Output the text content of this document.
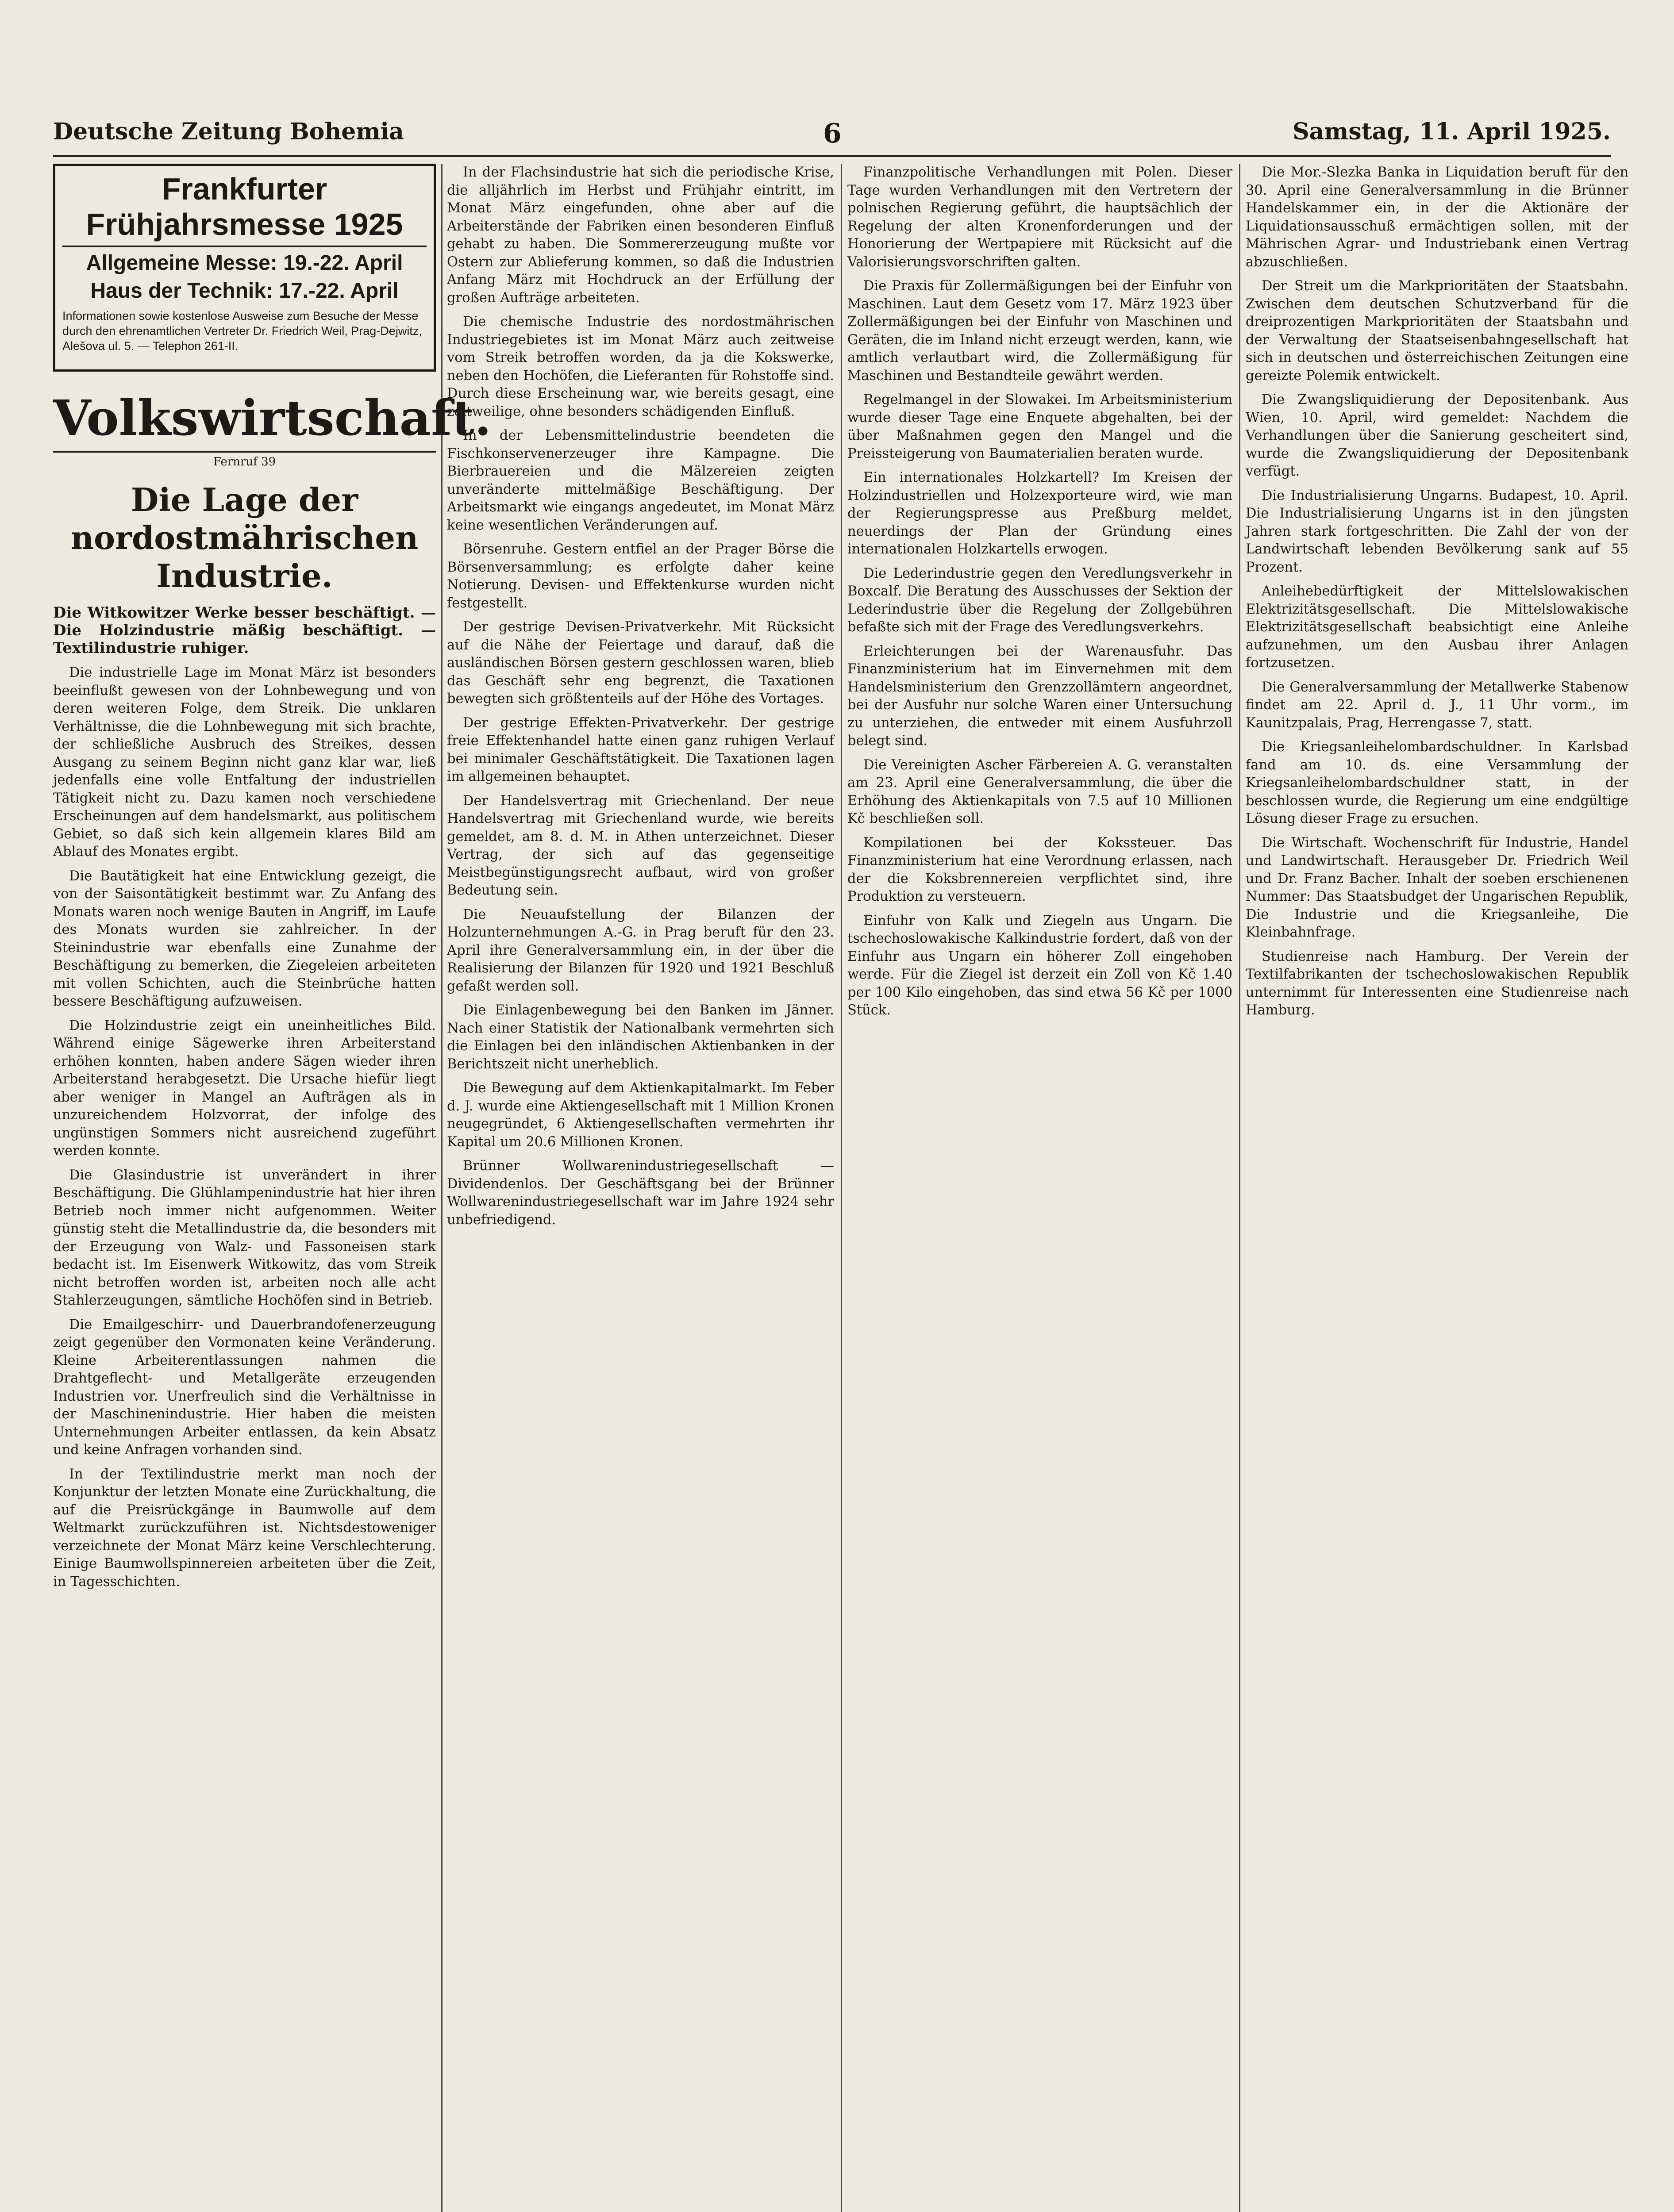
Deutsche Zeitung Bohemia	6	Samstag, 11. April 1925.
Frankfurter Frühjahrsmesse 1925
Allgemeine Messe: 19.-22. April
Haus der Technik: 17.-22. April
Informationen sowie kostenlose Ausweise zum Besuche der Messe durch den ehrenamtlichen Vertreter Dr. Friedrich Weil, Prag-Dejwitz, Alešova ul. 5. — Telephon 261-II.
Volkswirtschaft.
Fernruf 39
Die Lage der nordostmährischen Industrie.
Die Witkowitzer Werke besser beschäftigt. — Die Holzindustrie mäßig beschäftigt. — Textilindustrie ruhiger.

Die industrielle Lage im Monat März ist besonders beeinflußt gewesen von der Lohnbewegung und von deren weiteren Folge, dem Streik. Die unklaren Verhältnisse, die die Lohnbewegung mit sich brachte, der schließliche Ausbruch des Streikes, dessen Ausgang zu seinem Beginn nicht ganz klar war, ließ jedenfalls eine volle Entfaltung der industriellen Tätigkeit nicht zu. Dazu kamen noch verschiedene Erscheinungen auf dem handelsmarkt, aus politischem Gebiet, so daß sich kein allgemein klares Bild am Ablauf des Monates ergibt.

Die Bautätigkeit hat eine Entwicklung gezeigt, die von der Saisontätigkeit bestimmt war. Zu Anfang des Monats waren noch wenige Bauten in Angriff, im Laufe des Monats wurden sie zahlreicher. In der Steinindustrie war ebenfalls eine Zunahme der Beschäftigung zu bemerken, die Ziegeleien arbeiteten mit vollen Schichten, auch die Steinbrüche hatten bessere Beschäftigung aufzuweisen.

Die Holzindustrie zeigt ein uneinheitliches Bild. Während einige Sägewerke ihren Arbeiterstand erhöhen konnten, haben andere Sägen wieder ihren Arbeiterstand herabgesetzt. Die Ursache hiefür liegt aber weniger in Mangel an Aufträgen als in unzureichendem Holzvorrat, der infolge des ungünstigen Sommers nicht ausreichend zugeführt werden konnte.

Die Glasindustrie ist unverändert in ihrer Beschäftigung. Die Glühlampenindustrie hat hier ihren Betrieb noch immer nicht aufgenommen. Weiter günstig steht die Metallindustrie da, die besonders mit der Erzeugung von Walz- und Fassoneisen stark bedacht ist. Im Eisenwerk Witkowitz, das vom Streik nicht betroffen worden ist, arbeiten noch alle acht Stahlerzeugungen, sämtliche Hochöfen sind in Betrieb.

Die Emailgeschirr- und Dauerbrandofenerzeugung zeigt gegenüber den Vormonaten keine Veränderung. Kleine Arbeiterentlassungen nahmen die Drahtgeflecht- und Metallgeräte erzeugenden Industrien vor. Unerfreulich sind die Verhältnisse in der Maschinenindustrie. Hier haben die meisten Unternehmungen Arbeiter entlassen, da kein Absatz und keine Anfragen vorhanden sind.

In der Textilindustrie merkt man noch der Konjunktur der letzten Monate eine Zurückhaltung, die auf die Preisrückgänge in Baumwolle auf dem Weltmarkt zurückzuführen ist. Nichtsdestoweniger verzeichnete der Monat März keine Verschlechterung. Einige Baumwollspinnereien arbeiteten über die Zeit, in Tagesschichten.

In der Flachsindustrie hat sich die periodische Krise, die alljährlich im Herbst und Frühjahr eintritt, im Monat März eingefunden, ohne aber auf die Arbeiterstände der Fabriken einen besonderen Einfluß gehabt zu haben. Die Sommererzeugung mußte vor Ostern zur Ablieferung kommen, so daß die Industrien Anfang März mit Hochdruck an der Erfüllung der großen Aufträge arbeiteten.

Die chemische Industrie des nordostmährischen Industriegebietes ist im Monat März auch zeitweise vom Streik betroffen worden, da ja die Kokswerke, neben den Hochöfen, die Lieferanten für Rohstoffe sind. Durch diese Erscheinung war, wie bereits gesagt, eine zeitweilige, ohne besonders schädigenden Einfluß.

In der Lebensmittelindustrie beendeten die Fischkonservenerzeuger ihre Kampagne. Die Bierbrauereien und die Mälzereien zeigten unveränderte mittelmäßige Beschäftigung. Der Arbeitsmarkt wie eingangs angedeutet, im Monat März keine wesentlichen Veränderungen auf.

Börsenruhe. Gestern entfiel an der Prager Börse die Börsenversammlung; es erfolgte daher keine Notierung. Devisen- und Effektenkurse wurden nicht festgestellt.

Der gestrige Devisen-Privatverkehr. Mit Rücksicht auf die Nähe der Feiertage und darauf, daß die ausländischen Börsen gestern geschlossen waren, blieb das Geschäft sehr eng begrenzt, die Taxationen bewegten sich größtenteils auf der Höhe des Vortages.

Der gestrige Effekten-Privatverkehr. Der gestrige freie Effektenhandel hatte einen ganz ruhigen Verlauf bei minimaler Geschäftstätigkeit. Die Taxationen lagen im allgemeinen behauptet.

Der Handelsvertrag mit Griechenland. Der neue Handelsvertrag mit Griechenland wurde, wie bereits gemeldet, am 8. d. M. in Athen unterzeichnet. Dieser Vertrag, der sich auf das gegenseitige Meistbegünstigungsrecht aufbaut, wird von großer Bedeutung sein.

Die Neuaufstellung der Bilanzen der Holzunternehmungen A.-G. in Prag beruft für den 23. April ihre Generalversammlung ein, in der über die Realisierung der Bilanzen für 1920 und 1921 Beschluß gefaßt werden soll.

Die Einlagenbewegung bei den Banken im Jänner. Nach einer Statistik der Nationalbank vermehrten sich die Einlagen bei den inländischen Aktienbanken in der Berichtszeit nicht unerheblich.

Die Bewegung auf dem Aktienkapitalmarkt. Im Feber d. J. wurde eine Aktiengesellschaft mit 1 Million Kronen neugegründet, 6 Aktiengesellschaften vermehrten ihr Kapital um 20.6 Millionen Kronen.

Brünner Wollwarenindustriegesellschaft — Dividendenlos. Der Geschäftsgang bei der Brünner Wollwarenindustriegesellschaft war im Jahre 1924 sehr unbefriedigend.

Finanzpolitische Verhandlungen mit Polen. Dieser Tage wurden Verhandlungen mit den Vertretern der polnischen Regierung geführt, die hauptsächlich der Regelung der alten Kronenforderungen und der Honorierung der Wertpapiere mit Rücksicht auf die Valorisierungsvorschriften galten.

Die Praxis für Zollermäßigungen bei der Einfuhr von Maschinen. Laut dem Gesetz vom 17. März 1923 über Zollermäßigungen bei der Einfuhr von Maschinen und Geräten, die im Inland nicht erzeugt werden, kann, wie amtlich verlautbart wird, die Zollermäßigung für Maschinen und Bestandteile gewährt werden.

Regelmangel in der Slowakei. Im Arbeitsministerium wurde dieser Tage eine Enquete abgehalten, bei der über Maßnahmen gegen den Mangel und die Preissteigerung von Baumaterialien beraten wurde.

Ein internationales Holzkartell? Im Kreisen der Holzindustriellen und Holzexporteure wird, wie man der Regierungspresse aus Preßburg meldet, neuerdings der Plan der Gründung eines internationalen Holzkartells erwogen.

Die Lederindustrie gegen den Veredlungsverkehr in Boxcalf. Die Beratung des Ausschusses der Sektion der Lederindustrie über die Regelung der Zollgebühren befaßte sich mit der Frage des Veredlungsverkehrs.

Erleichterungen bei der Warenausfuhr. Das Finanzministerium hat im Einvernehmen mit dem Handelsministerium den Grenzzollämtern angeordnet, bei der Ausfuhr nur solche Waren einer Untersuchung zu unterziehen, die entweder mit einem Ausfuhrzoll belegt sind.

Die Vereinigten Ascher Färbereien A. G. veranstalten am 23. April eine Generalversammlung, die über die Erhöhung des Aktienkapitals von 7.5 auf 10 Millionen Kč beschließen soll.

Kompilationen bei der Kokssteuer. Das Finanzministerium hat eine Verordnung erlassen, nach der die Koksbrennereien verpflichtet sind, ihre Produktion zu versteuern.

Einfuhr von Kalk und Ziegeln aus Ungarn. Die tschechoslowakische Kalkindustrie fordert, daß von der Einfuhr aus Ungarn ein höherer Zoll eingehoben werde. Für die Ziegel ist derzeit ein Zoll von Kč 1.40 per 100 Kilo eingehoben, das sind etwa 56 Kč per 1000 Stück.

Die Mor.-Slezka Banka in Liquidation beruft für den 30. April eine Generalversammlung in die Brünner Handelskammer ein, in der die Aktionäre der Liquidationsausschuß ermächtigen sollen, mit der Mährischen Agrar- und Industriebank einen Vertrag abzuschließen.

Der Streit um die Markprioritäten der Staatsbahn. Zwischen dem deutschen Schutzverband für die dreiprozentigen Markprioritäten der Staatsbahn und der Verwaltung der Staatseisenbahngesellschaft hat sich in deutschen und österreichischen Zeitungen eine gereizte Polemik entwickelt.

Die Zwangsliquidierung der Depositenbank. Aus Wien, 10. April, wird gemeldet: Nachdem die Verhandlungen über die Sanierung gescheitert sind, wurde die Zwangsliquidierung der Depositenbank verfügt.

Die Industrialisierung Ungarns. Budapest, 10. April. Die Industrialisierung Ungarns ist in den jüngsten Jahren stark fortgeschritten. Die Zahl der von der Landwirtschaft lebenden Bevölkerung sank auf 55 Prozent.

Anleihebedürftigkeit der Mittelslowakischen Elektrizitätsgesellschaft. Die Mittelslowakische Elektrizitätsgesellschaft beabsichtigt eine Anleihe aufzunehmen, um den Ausbau ihrer Anlagen fortzusetzen.

Die Generalversammlung der Metallwerke Stabenow findet am 22. April d. J., 11 Uhr vorm., im Kaunitzpalais, Prag, Herrengasse 7, statt.

Die Kriegsanleihelombardschuldner. In Karlsbad fand am 10. ds. eine Versammlung der Kriegsanleihelombardschuldner statt, in der beschlossen wurde, die Regierung um eine endgültige Lösung dieser Frage zu ersuchen.

Die Wirtschaft. Wochenschrift für Industrie, Handel und Landwirtschaft. Herausgeber Dr. Friedrich Weil und Dr. Franz Bacher. Inhalt der soeben erschienenen Nummer: Das Staatsbudget der Ungarischen Republik, Die Industrie und die Kriegsanleihe, Die Kleinbahnfrage.

Studienreise nach Hamburg. Der Verein der Textilfabrikanten der tschechoslowakischen Republik unternimmt für Interessenten eine Studienreise nach Hamburg.
